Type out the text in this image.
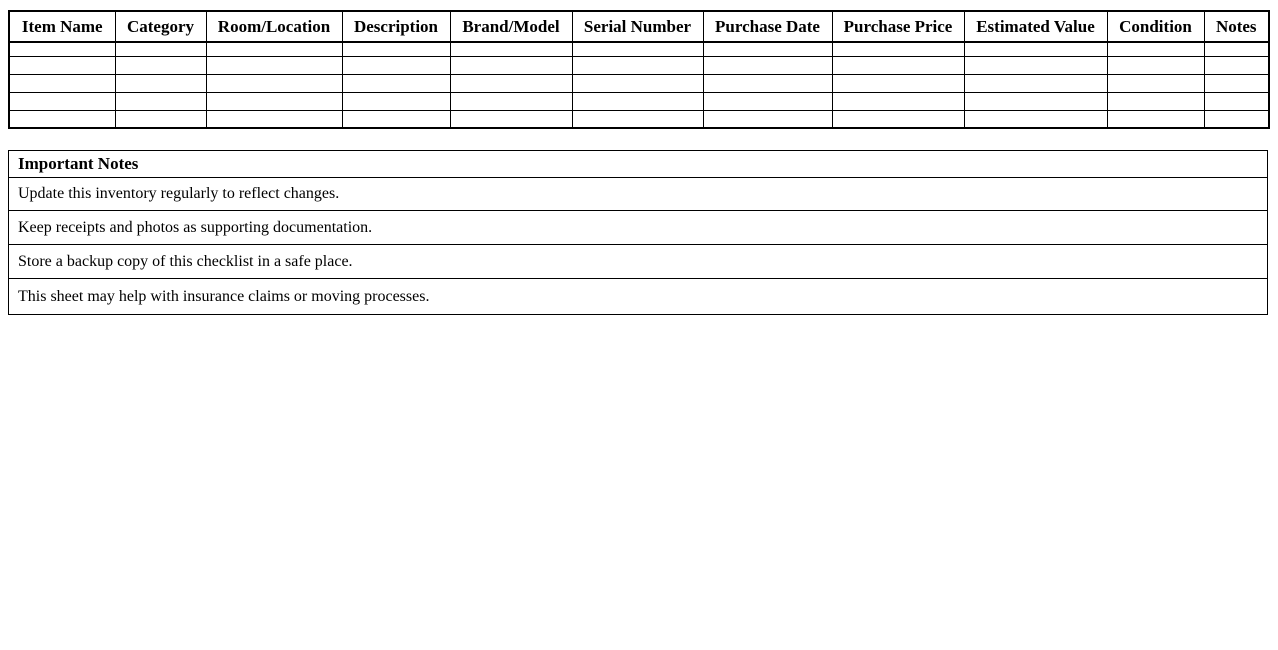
Item Name	Category	Room/Location	Description	Brand/Model	Serial Number	Purchase Date	Purchase Price	Estimated Value	Condition	Notes

Important Notes
Update this inventory regularly to reflect changes.
Keep receipts and photos as supporting documentation.
Store a backup copy of this checklist in a safe place.
This sheet may help with insurance claims or moving processes.
